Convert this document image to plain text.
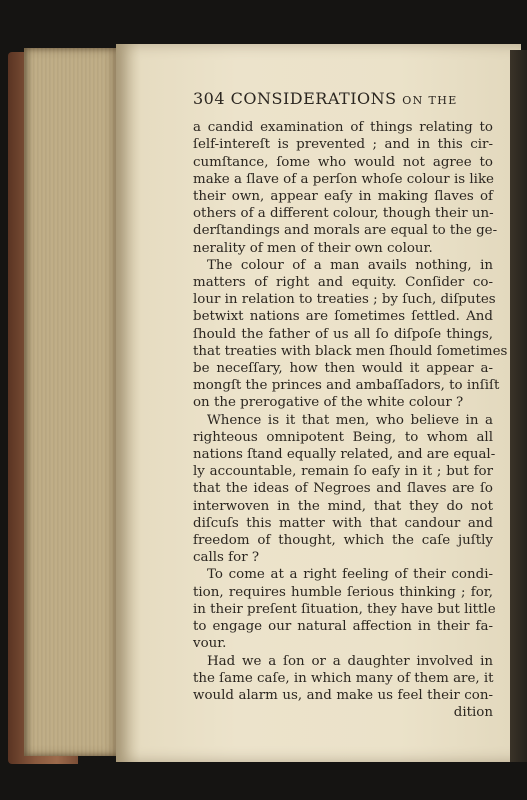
304 CONSIDERATIONS ON THE
a candid examination of things relating to
ſelf-intereſt is prevented ; and in this cir-
cumſtance, ſome who would not agree to
make a ſlave of a perſon whoſe colour is like
their own, appear eaſy in making ſlaves of
others of a different colour, though their un-
derſtandings and morals are equal to the ge-
nerality of men of their own colour.
The colour of a man avails nothing, in
matters of right and equity. Conſider co-
lour in relation to treaties ; by ſuch, diſputes
betwixt nations are ſometimes ſettled. And
ſhould the father of us all ſo diſpoſe things,
that treaties with black men ſhould ſometimes
be neceſſary, how then would it appear a-
mongſt the princes and ambaſſadors, to inſiſt
on the prerogative of the white colour ?
Whence is it that men, who believe in a
righteous omnipotent Being, to whom all
nations ſtand equally related, and are equal-
ly accountable, remain ſo eaſy in it ; but for
that the ideas of Negroes and ſlaves are ſo
interwoven in the mind, that they do not
diſcuſs this matter with that candour and
freedom of thought, which the caſe juſtly
calls for ?
To come at a right feeling of their condi-
tion, requires humble ſerious thinking ; for,
in their preſent ſituation, they have but little
to engage our natural affection in their fa-
vour.
Had we a ſon or a daughter involved in
the ſame caſe, in which many of them are, it
would alarm us, and make us feel their con-
dition
